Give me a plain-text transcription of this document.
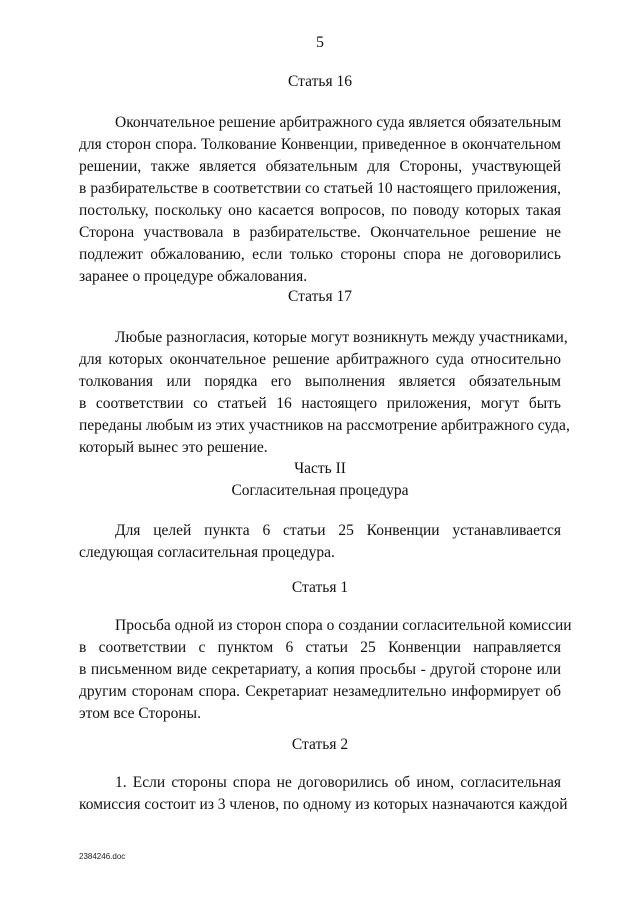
5
Статья 16
Окончательное решение арбитражного суда является обязательным
для сторон спора. Толкование Конвенции, приведенное в окончательном
решении, также является обязательным для Стороны, участвующей
в разбирательстве в соответствии со статьей 10 настоящего приложения,
постольку, поскольку оно касается вопросов, по поводу которых такая
Сторона участвовала в разбирательстве. Окончательное решение не
подлежит обжалованию, если только стороны спора не договорились
заранее о процедуре обжалования.
Статья 17
Любые разногласия, которые могут возникнуть между участниками,
для которых окончательное решение арбитражного суда относительно
толкования или порядка его выполнения является обязательным
в соответствии со статьей 16 настоящего приложения, могут быть
переданы любым из этих участников на рассмотрение арбитражного суда,
который вынес это решение.
Часть II
Согласительная процедура
Для целей пункта 6 статьи 25 Конвенции устанавливается
следующая согласительная процедура.
Статья 1
Просьба одной из сторон спора о создании согласительной комиссии
в соответствии с пунктом 6 статьи 25 Конвенции направляется
в письменном виде секретариату, а копия просьбы - другой стороне или
другим сторонам спора. Секретариат незамедлительно информирует об
этом все Стороны.
Статья 2
1. Если стороны спора не договорились об ином, согласительная
комиссия состоит из 3 членов, по одному из которых назначаются каждой
2384246.doc
